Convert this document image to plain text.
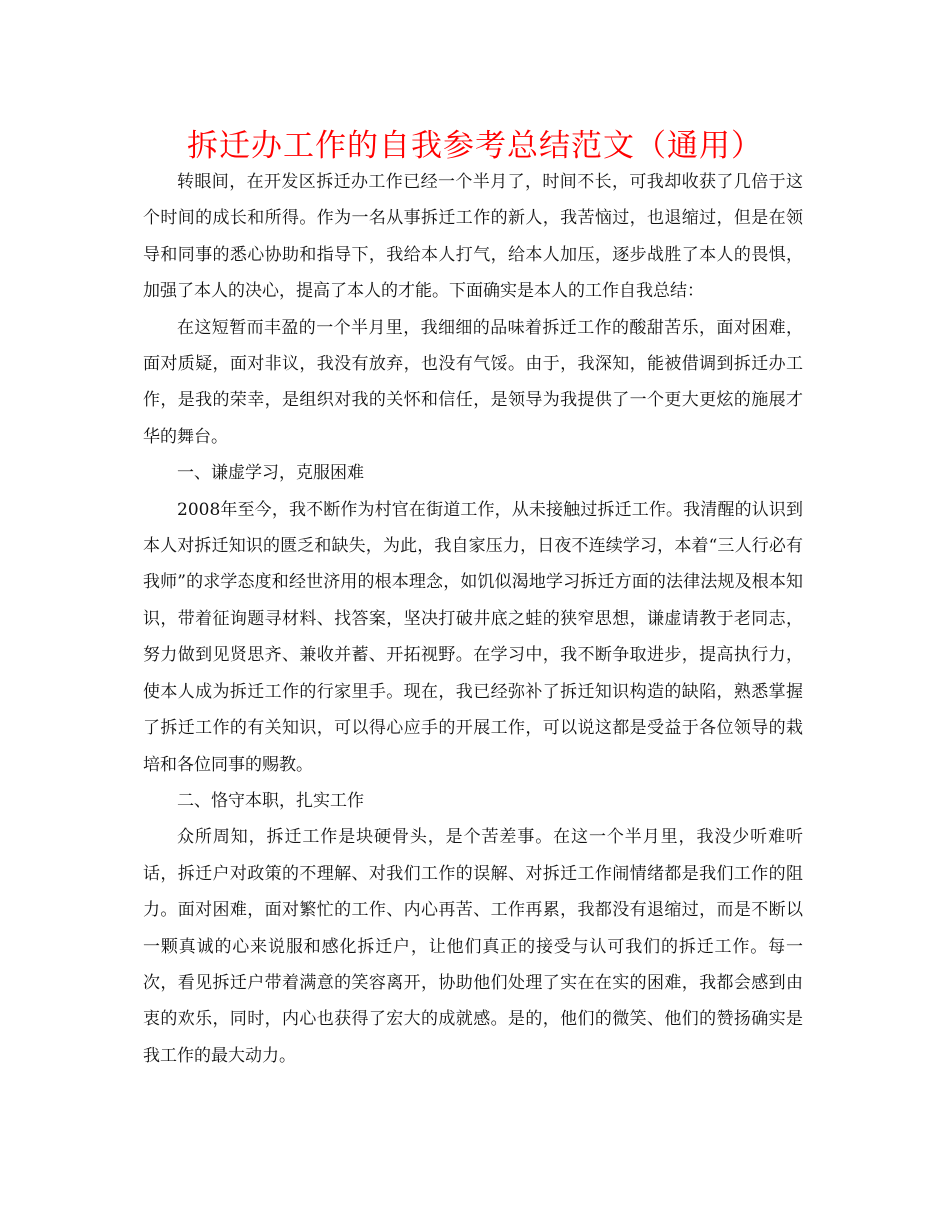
拆迁办工作的自我参考总结范文（通用）

转眼间，在开发区拆迁办工作已经一个半月了，时间不长，可我却收获了几倍于这个时间的成长和所得。作为一名从事拆迁工作的新人，我苦恼过，也退缩过，但是在领导和同事的悉心协助和指导下，我给本人打气，给本人加压，逐步战胜了本人的畏惧，加强了本人的决心，提高了本人的才能。下面确实是本人的工作自我总结：

在这短暂而丰盈的一个半月里，我细细的品味着拆迁工作的酸甜苦乐，面对困难，面对质疑，面对非议，我没有放弃，也没有气馁。由于，我深知，能被借调到拆迁办工作，是我的荣幸，是组织对我的关怀和信任，是领导为我提供了一个更大更炫的施展才华的舞台。

一、谦虚学习，克服困难

2008年至今，我不断作为村官在街道工作，从未接触过拆迁工作。我清醒的认识到本人对拆迁知识的匮乏和缺失，为此，我自家压力，日夜不连续学习，本着“三人行必有我师”的求学态度和经世济用的根本理念，如饥似渴地学习拆迁方面的法律法规及根本知识，带着征询题寻材料、找答案，坚决打破井底之蛙的狭窄思想，谦虚请教于老同志，努力做到见贤思齐、兼收并蓄、开拓视野。在学习中，我不断争取进步，提高执行力，使本人成为拆迁工作的行家里手。现在，我已经弥补了拆迁知识构造的缺陷，熟悉掌握了拆迁工作的有关知识，可以得心应手的开展工作，可以说这都是受益于各位领导的栽培和各位同事的赐教。

二、恪守本职，扎实工作

众所周知，拆迁工作是块硬骨头，是个苦差事。在这一个半月里，我没少听难听话，拆迁户对政策的不理解、对我们工作的误解、对拆迁工作闹情绪都是我们工作的阻力。面对困难，面对繁忙的工作、内心再苦、工作再累，我都没有退缩过，而是不断以一颗真诚的心来说服和感化拆迁户，让他们真正的接受与认可我们的拆迁工作。每一次，看见拆迁户带着满意的笑容离开，协助他们处理了实在在实的困难，我都会感到由衷的欢乐，同时，内心也获得了宏大的成就感。是的，他们的微笑、他们的赞扬确实是我工作的最大动力。
